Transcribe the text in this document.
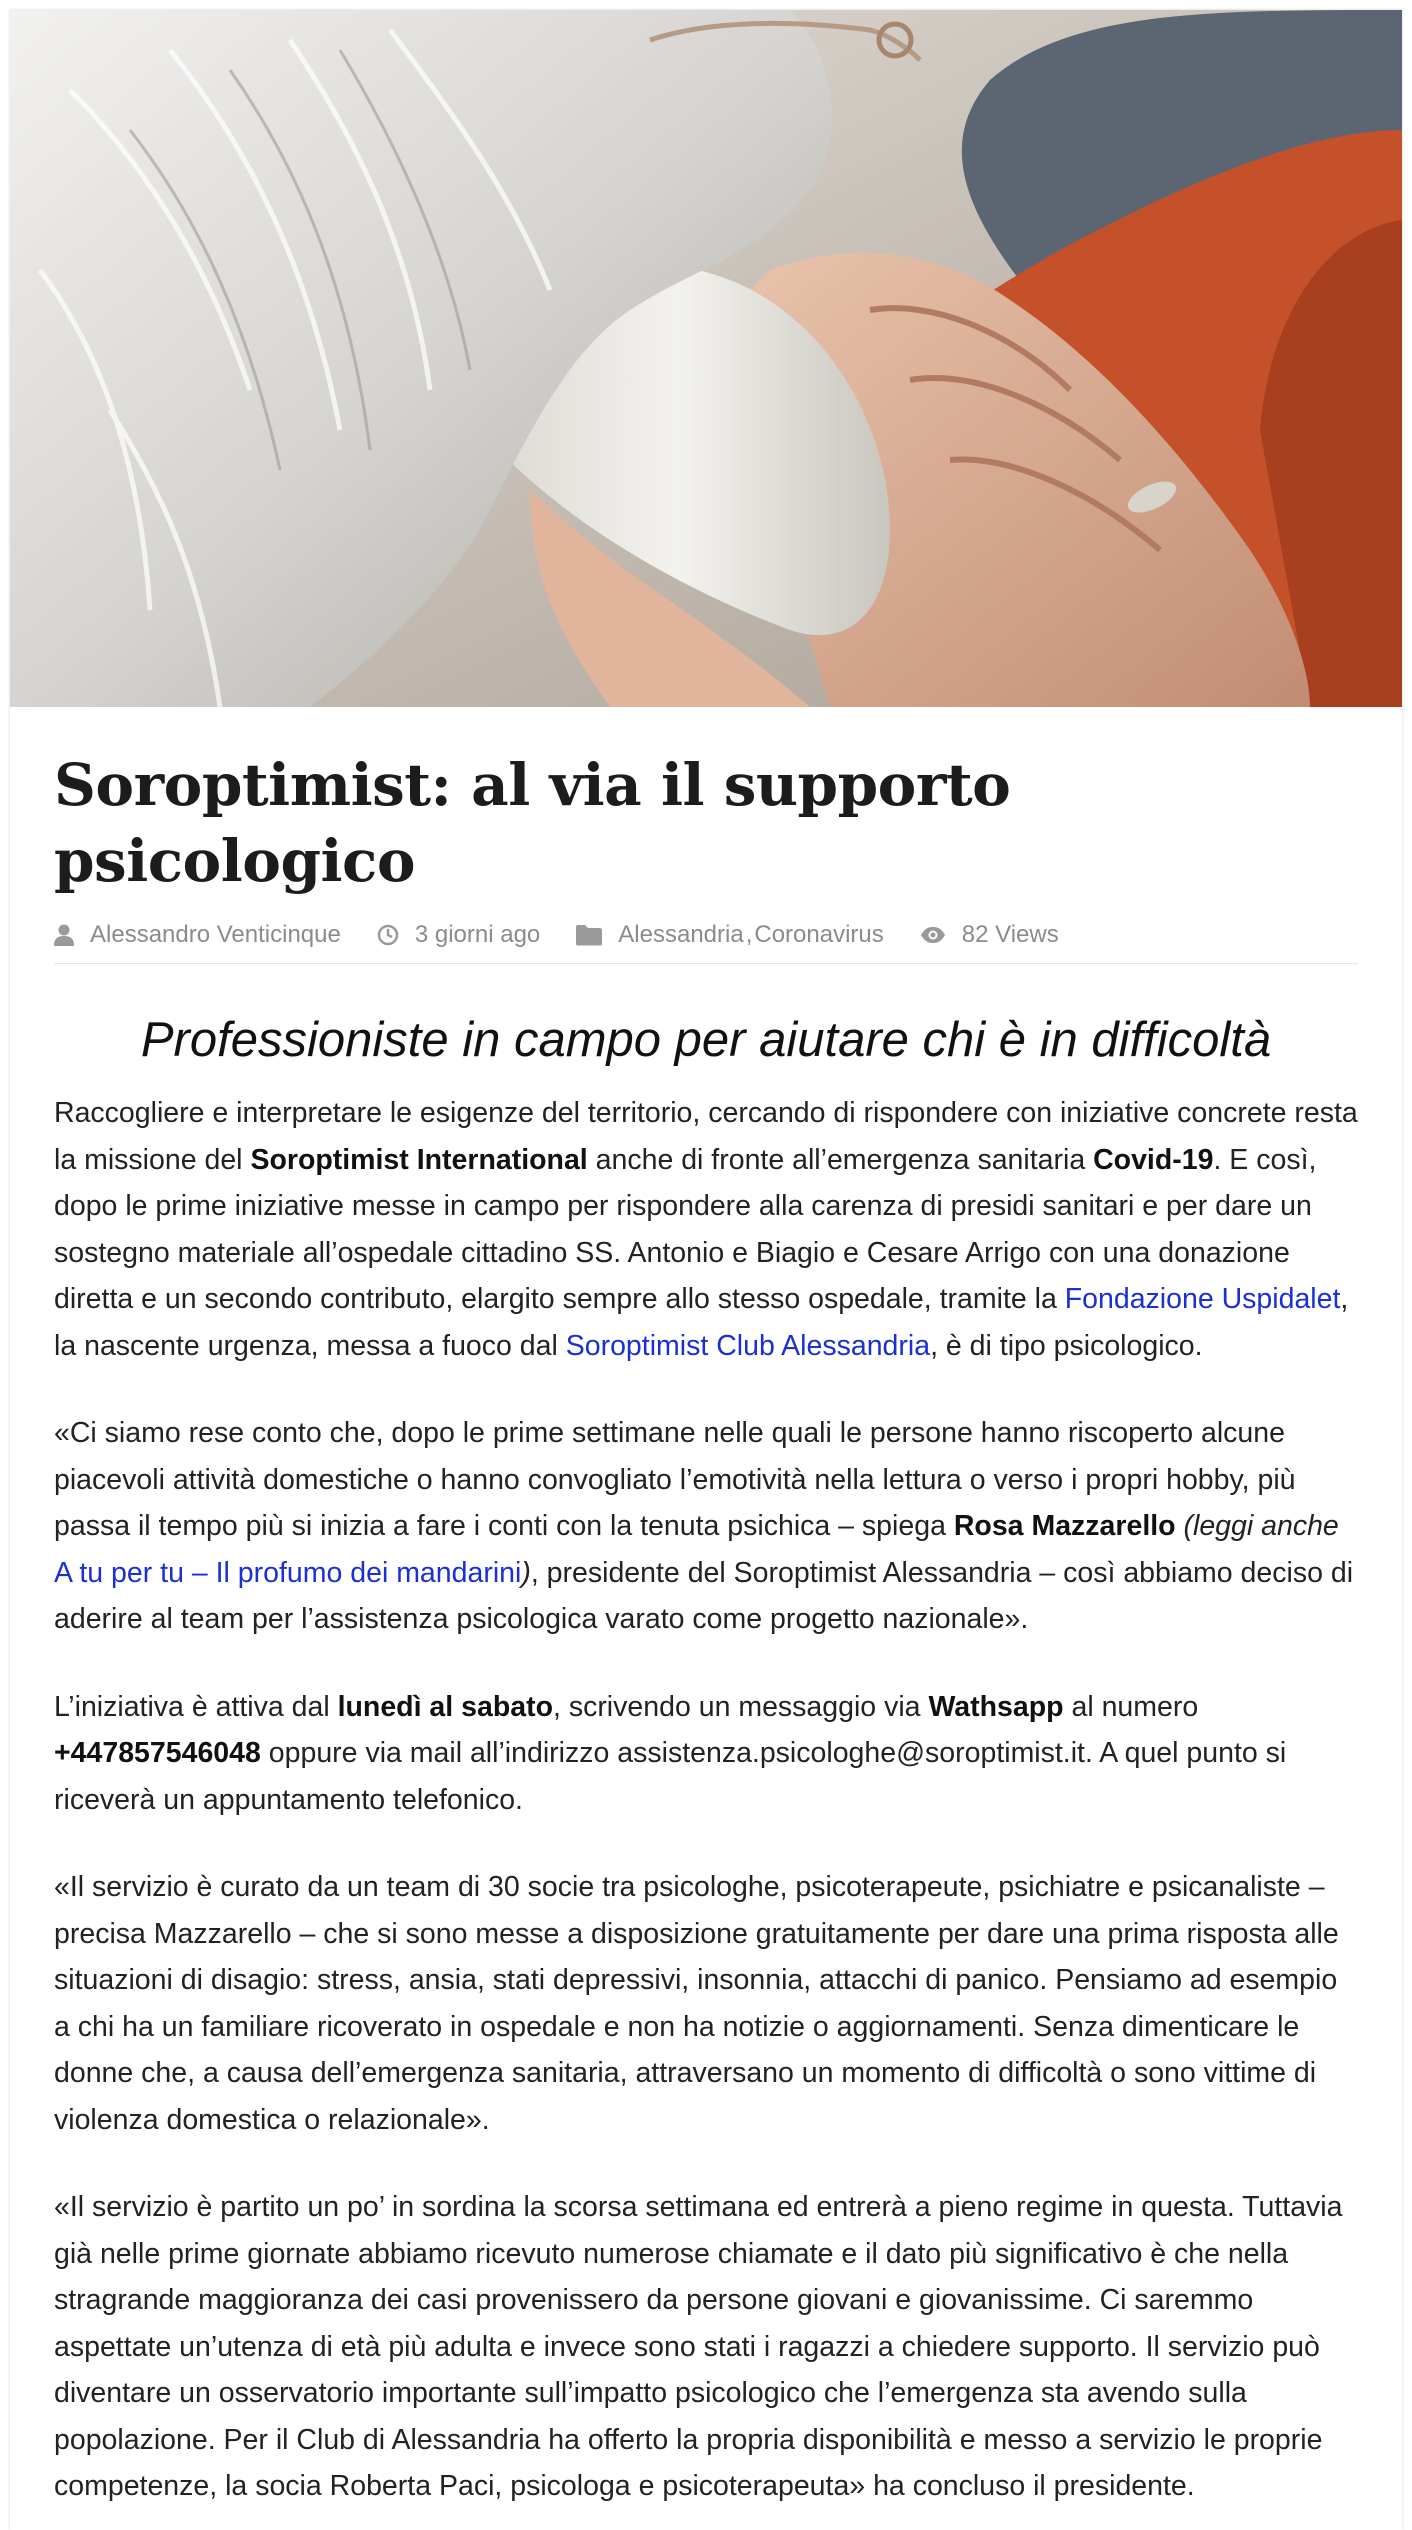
Soroptimist: al via il supporto psicologico
Alessandro Venticinque	3 giorni ago	Alessandria , Coronavirus	82 Views
Professioniste in campo per aiutare chi è in difficoltà

Raccogliere e interpretare le esigenze del territorio, cercando di rispondere con iniziative concrete resta la missione del Soroptimist International anche di fronte all’emergenza sanitaria Covid-19. E così, dopo le prime iniziative messe in campo per rispondere alla carenza di presidi sanitari e per dare un sostegno materiale all’ospedale cittadino SS. Antonio e Biagio e Cesare Arrigo con una donazione diretta e un secondo contributo, elargito sempre allo stesso ospedale, tramite la Fondazione Uspidalet, la nascente urgenza, messa a fuoco dal Soroptimist Club Alessandria, è di tipo psicologico.

«Ci siamo rese conto che, dopo le prime settimane nelle quali le persone hanno riscoperto alcune piacevoli attività domestiche o hanno convogliato l’emotività nella lettura o verso i propri hobby, più passa il tempo più si inizia a fare i conti con la tenuta psichica – spiega Rosa Mazzarello (leggi anche A tu per tu – Il profumo dei mandarini), presidente del Soroptimist Alessandria – così abbiamo deciso di aderire al team per l’assistenza psicologica varato come progetto nazionale».

L’iniziativa è attiva dal lunedì al sabato, scrivendo un messaggio via Wathsapp al numero +447857546048 oppure via mail all’indirizzo assistenza.psicologhe@soroptimist.it. A quel punto si riceverà un appuntamento telefonico.

«Il servizio è curato da un team di 30 socie tra psicologhe, psicoterapeute, psichiatre e psicanaliste – precisa Mazzarello – che si sono messe a disposizione gratuitamente per dare una prima risposta alle situazioni di disagio: stress, ansia, stati depressivi, insonnia, attacchi di panico. Pensiamo ad esempio a chi ha un familiare ricoverato in ospedale e non ha notizie o aggiornamenti. Senza dimenticare le donne che, a causa dell’emergenza sanitaria, attraversano un momento di difficoltà o sono vittime di violenza domestica o relazionale».

«Il servizio è partito un po’ in sordina la scorsa settimana ed entrerà a pieno regime in questa. Tuttavia già nelle prime giornate abbiamo ricevuto numerose chiamate e il dato più significativo è che nella stragrande maggioranza dei casi provenissero da persone giovani e giovanissime. Ci saremmo aspettate un’utenza di età più adulta e invece sono stati i ragazzi a chiedere supporto. Il servizio può diventare un osservatorio importante sull’impatto psicologico che l’emergenza sta avendo sulla popolazione. Per il Club di Alessandria ha offerto la propria disponibilità e messo a servizio le proprie competenze, la socia Roberta Paci, psicologa e psicoterapeuta» ha concluso il presidente.
